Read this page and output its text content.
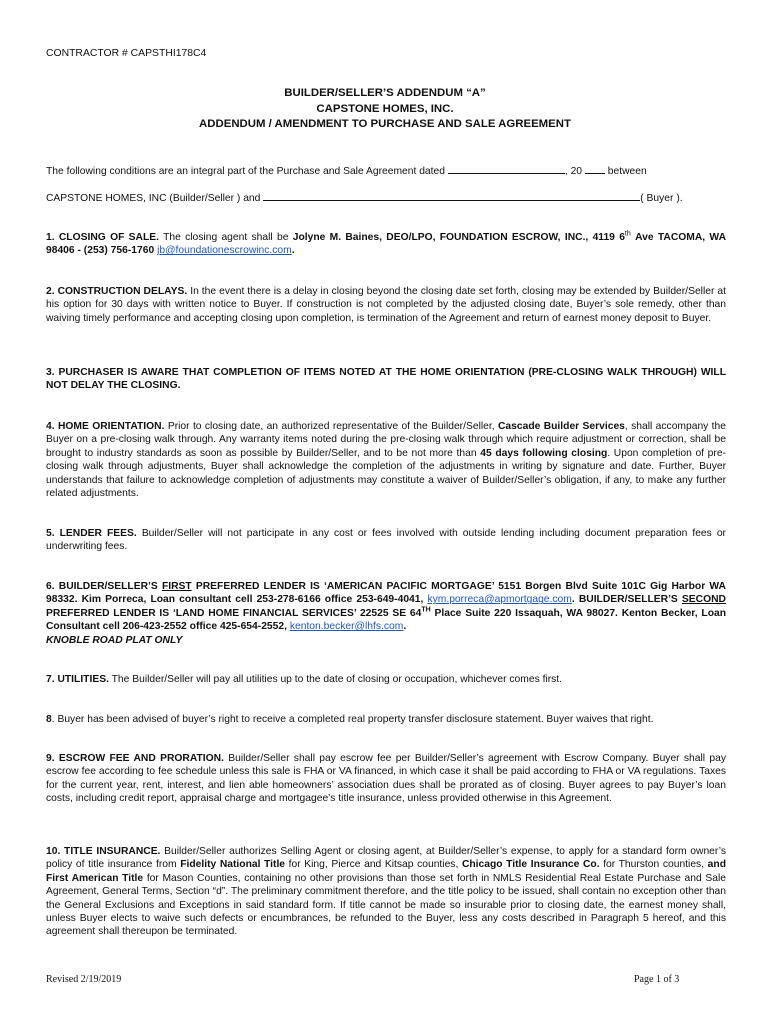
CONTRACTOR # CAPSTHI178C4
BUILDER/SELLER’S ADDENDUM “A”
CAPSTONE HOMES, INC.
ADDENDUM / AMENDMENT TO PURCHASE AND SALE AGREEMENT
The following conditions are an integral part of the Purchase and Sale Agreement dated	, 20	between
CAPSTONE HOMES, INC (Builder/Seller ) and	( Buyer ).

1. CLOSING OF SALE. The closing agent shall be Jolyne M. Baines, DEO/LPO, FOUNDATION ESCROW, INC., 4119 6th Ave TACOMA, WA 98406 - (253) 756-1760 jb@foundationescrowinc.com.

2. CONSTRUCTION DELAYS. In the event there is a delay in closing beyond the closing date set forth, closing may be extended by Builder/Seller at his option for 30 days with written notice to Buyer. If construction is not completed by the adjusted closing date, Buyer’s sole remedy, other than waiving timely performance and accepting closing upon completion, is termination of the Agreement and return of earnest money deposit to Buyer.

3. PURCHASER IS AWARE THAT COMPLETION OF ITEMS NOTED AT THE HOME ORIENTATION (PRE-CLOSING WALK THROUGH) WILL NOT DELAY THE CLOSING.

4. HOME ORIENTATION. Prior to closing date, an authorized representative of the Builder/Seller, Cascade Builder Services, shall accompany the Buyer on a pre-closing walk through. Any warranty items noted during the pre-closing walk through which require adjustment or correction, shall be brought to industry standards as soon as possible by Builder/Seller, and to be not more than 45 days following closing. Upon completion of pre-closing walk through adjustments, Buyer shall acknowledge the completion of the adjustments in writing by signature and date. Further, Buyer understands that failure to acknowledge completion of adjustments may constitute a waiver of Builder/Seller’s obligation, if any, to make any further related adjustments.

5. LENDER FEES. Builder/Seller will not participate in any cost or fees involved with outside lending including document preparation fees or underwriting fees.

6. BUILDER/SELLER’S FIRST PREFERRED LENDER IS ‘AMERICAN PACIFIC MORTGAGE’ 5151 Borgen Blvd Suite 101C Gig Harbor WA 98332. Kim Porreca, Loan consultant cell 253-278-6166 office 253-649-4041, kym.porreca@apmortgage.com. BUILDER/SELLER’S SECOND PREFERRED LENDER IS ‘LAND HOME FINANCIAL SERVICES’ 22525 SE 64TH Place Suite 220 Issaquah, WA 98027. Kenton Becker, Loan Consultant cell 206-423-2552 office 425-654-2552, kenton.becker@lhfs.com.
KNOBLE ROAD PLAT ONLY

7. UTILITIES. The Builder/Seller will pay all utilities up to the date of closing or occupation, whichever comes first.

8. Buyer has been advised of buyer’s right to receive a completed real property transfer disclosure statement. Buyer waives that right.

9. ESCROW FEE AND PRORATION. Builder/Seller shall pay escrow fee per Builder/Seller’s agreement with Escrow Company. Buyer shall pay escrow fee according to fee schedule unless this sale is FHA or VA financed, in which case it shall be paid according to FHA or VA regulations. Taxes for the current year, rent, interest, and lien able homeowners’ association dues shall be prorated as of closing. Buyer agrees to pay Buyer’s loan costs, including credit report, appraisal charge and mortgagee’s title insurance, unless provided otherwise in this Agreement.

10. TITLE INSURANCE. Builder/Seller authorizes Selling Agent or closing agent, at Builder/Seller’s expense, to apply for a standard form owner’s policy of title insurance from Fidelity National Title for King, Pierce and Kitsap counties, Chicago Title Insurance Co. for Thurston counties, and First American Title for Mason Counties, containing no other provisions than those set forth in NMLS Residential Real Estate Purchase and Sale Agreement, General Terms, Section “d”. The preliminary commitment therefore, and the title policy to be issued, shall contain no exception other than the General Exclusions and Exceptions in said standard form. If title cannot be made so insurable prior to closing date, the earnest money shall, unless Buyer elects to waive such defects or encumbrances, be refunded to the Buyer, less any costs described in Paragraph 5 hereof, and this agreement shall thereupon be terminated.

Revised 2/19/2019	Page 1 of 3
